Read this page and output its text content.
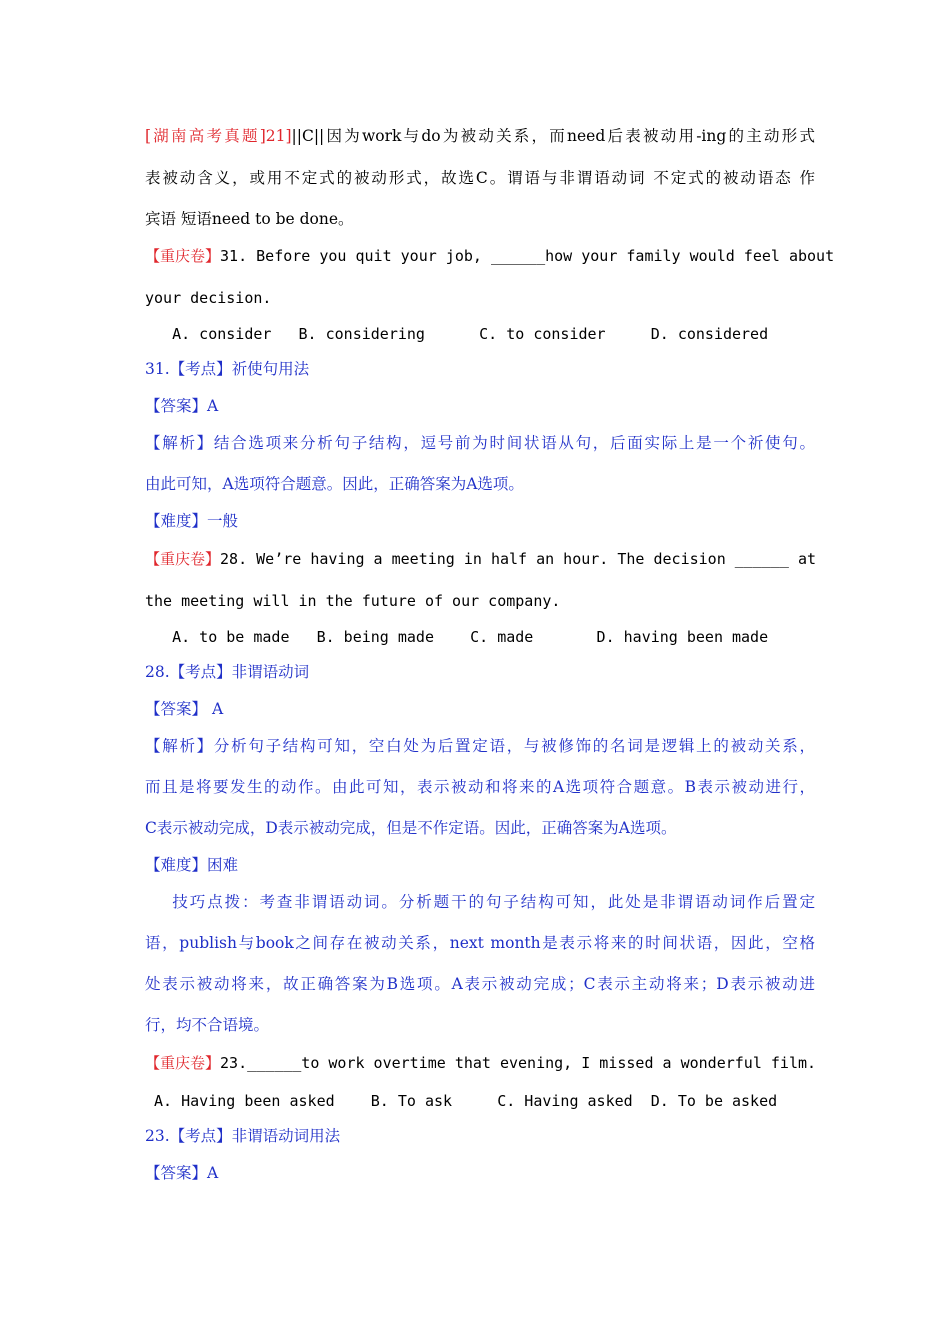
[湖南高考真题]21]||C||因为work与do为被动关系，而need后表被动用-ing的主动形式
表被动含义，或用不定式的被动形式，故选C。谓语与非谓语动词 不定式的被动语态 作
宾语 短语need to be done。
【重庆卷】31. Before you quit your job, ______how your family would feel about
your decision.
A. consider   B. considering      C. to consider     D. considered
31.【考点】祈使句用法
【答案】A
【解析】结合选项来分析句子结构，逗号前为时间状语从句，后面实际上是一个祈使句。
由此可知，A选项符合题意。因此，正确答案为A选项。
【难度】一般
【重庆卷】28. We’re having a meeting in half an hour. The decision ______ at
the meeting will in the future of our company.
A. to be made   B. being made    C. made       D. having been made
28.【考点】非谓语动词
【答案】 A
【解析】分析句子结构可知，空白处为后置定语，与被修饰的名词是逻辑上的被动关系，
而且是将要发生的动作。由此可知，表示被动和将来的A选项符合题意。B表示被动进行，
C表示被动完成，D表示被动完成，但是不作定语。因此，正确答案为A选项。
【难度】困难
技巧点拨：考查非谓语动词。分析题干的句子结构可知，此处是非谓语动词作后置定
语，publish与book之间存在被动关系，next month是表示将来的时间状语，因此，空格
处表示被动将来，故正确答案为B选项。A表示被动完成；C表示主动将来；D表示被动进
行，均不合语境。
【重庆卷】23.______to work overtime that evening, I missed a wonderful film.
A. Having been asked    B. To ask     C. Having asked  D. To be asked
23.【考点】非谓语动词用法
【答案】A
